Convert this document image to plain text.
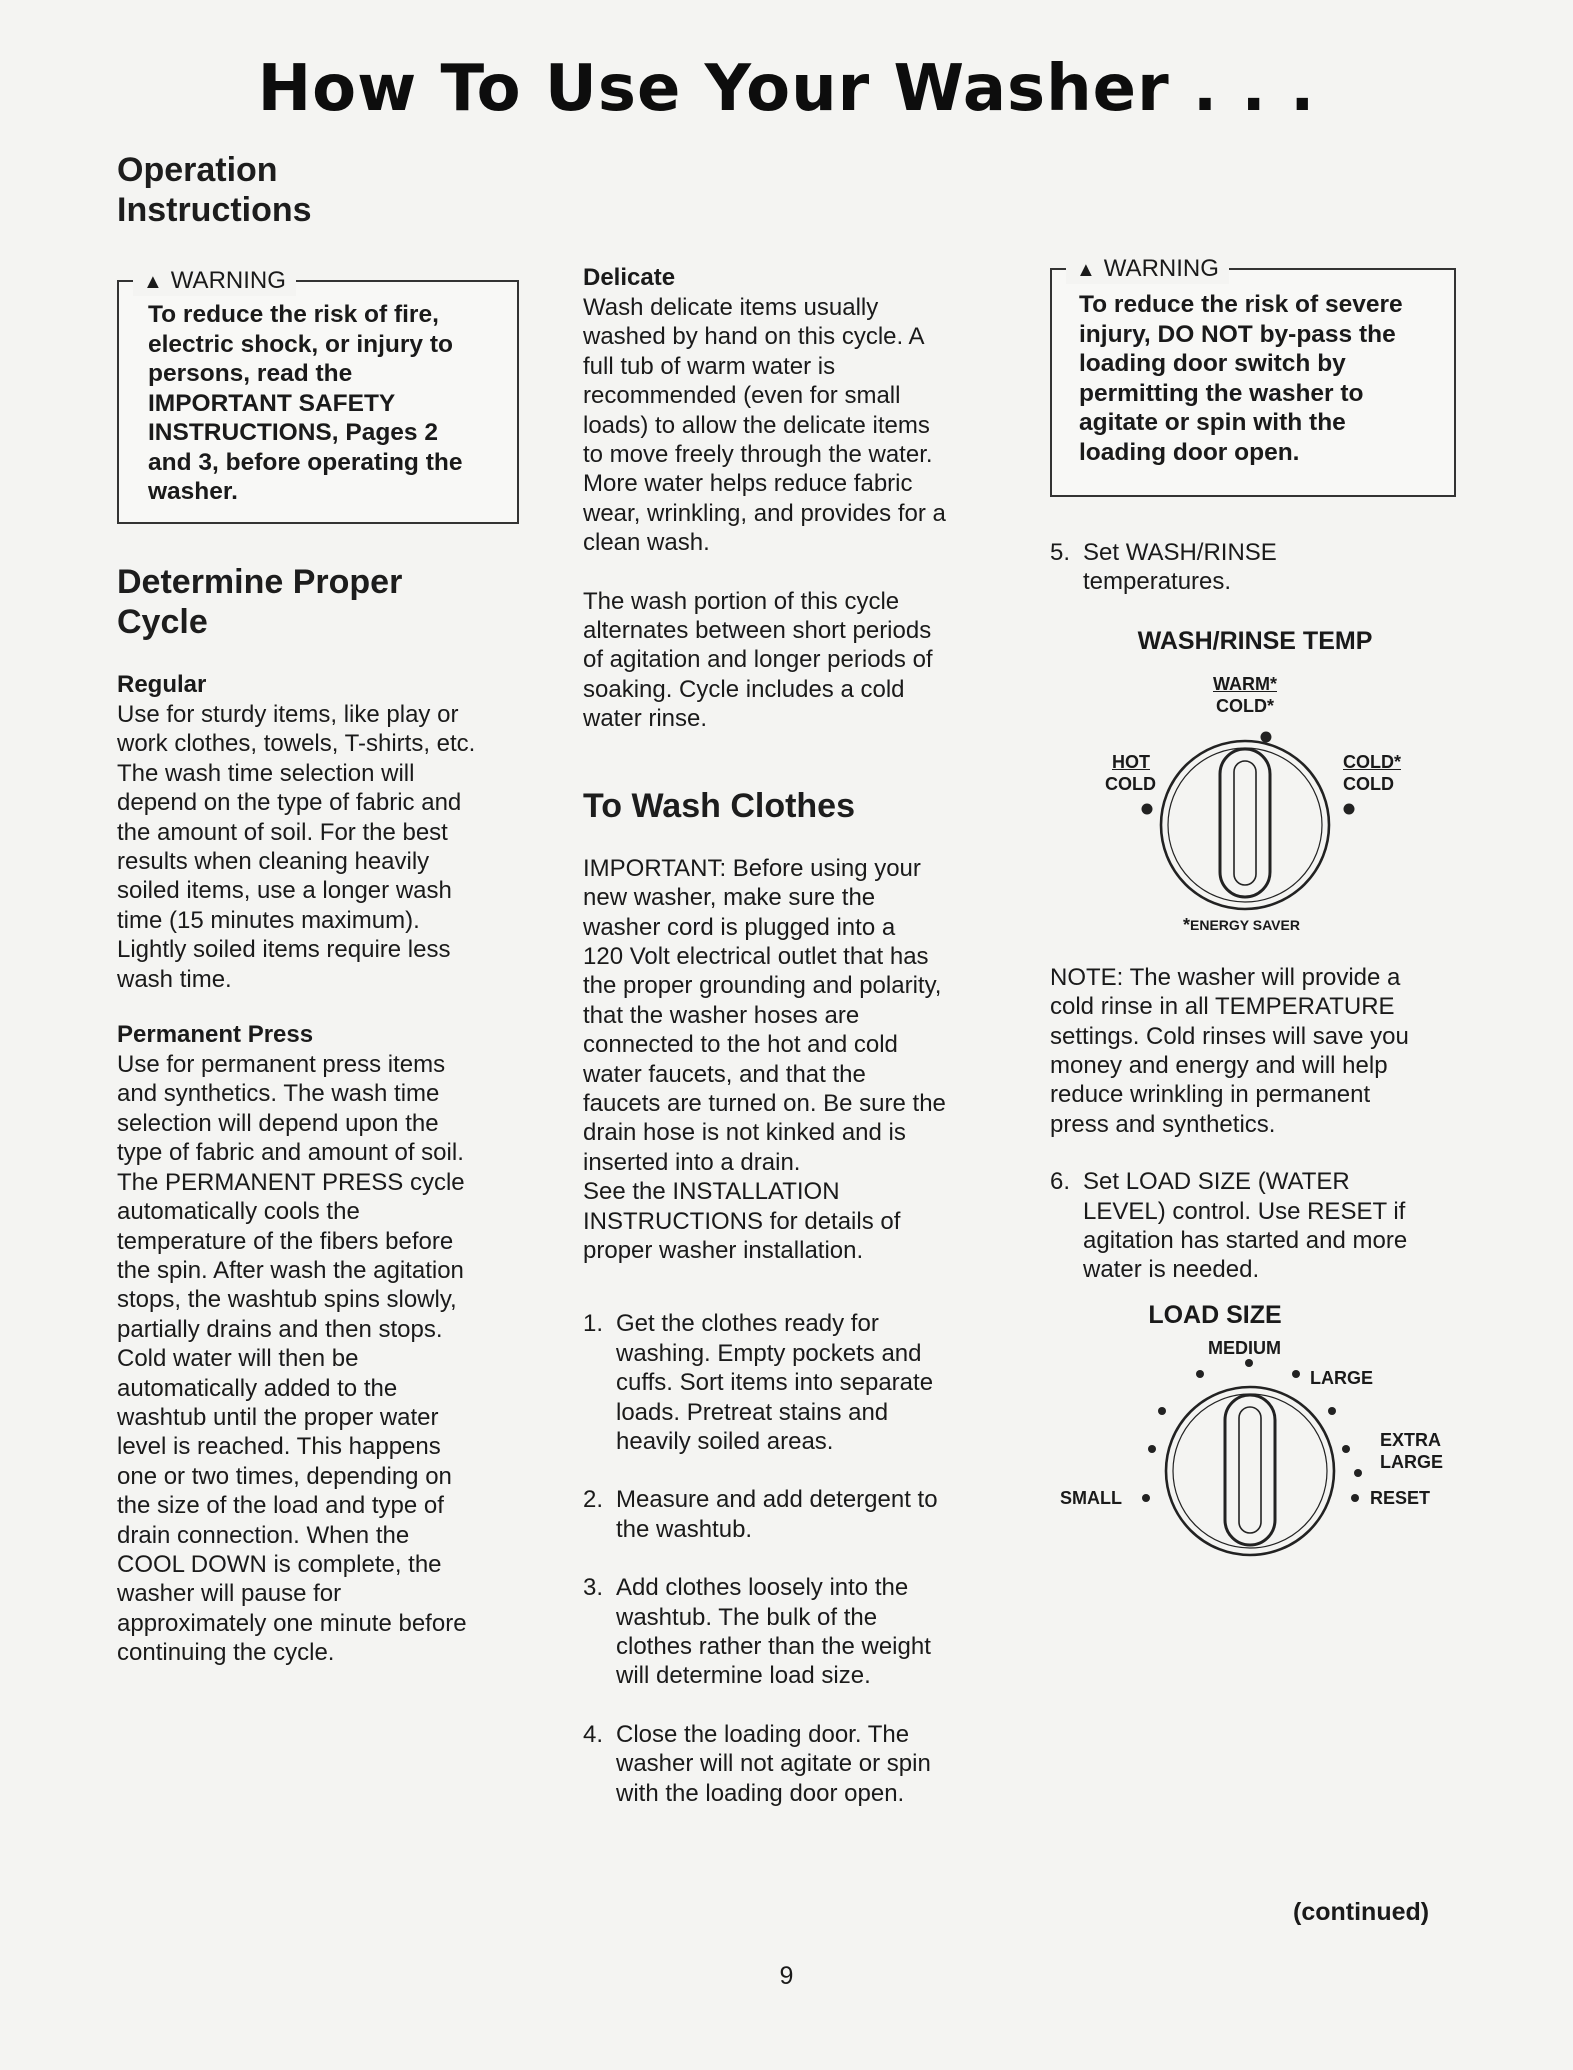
How To Use Your Washer . . .
Operation
Instructions
▲ WARNING
To reduce the risk of fire,
electric shock, or injury to
persons, read the
IMPORTANT SAFETY
INSTRUCTIONS, Pages 2
and 3, before operating the
washer.
Determine Proper
Cycle
Regular

Use for sturdy items, like play or
work clothes, towels, T-shirts, etc.
The wash time selection will
depend on the type of fabric and
the amount of soil. For the best
results when cleaning heavily
soiled items, use a longer wash
time (15 minutes maximum).
Lightly soiled items require less
wash time.

Permanent Press

Use for permanent press items
and synthetics. The wash time
selection will depend upon the
type of fabric and amount of soil.
The PERMANENT PRESS cycle
automatically cools the
temperature of the fibers before
the spin. After wash the agitation
stops, the washtub spins slowly,
partially drains and then stops.
Cold water will then be
automatically added to the
washtub until the proper water
level is reached. This happens
one or two times, depending on
the size of the load and type of
drain connection. When the
COOL DOWN is complete, the
washer will pause for
approximately one minute before
continuing the cycle.

Delicate

Wash delicate items usually
washed by hand on this cycle. A
full tub of warm water is
recommended (even for small
loads) to allow the delicate items
to move freely through the water.
More water helps reduce fabric
wear, wrinkling, and provides for a
clean wash.

The wash portion of this cycle
alternates between short periods
of agitation and longer periods of
soaking. Cycle includes a cold
water rinse.

To Wash Clothes

IMPORTANT: Before using your
new washer, make sure the
washer cord is plugged into a
120 Volt electrical outlet that has
the proper grounding and polarity,
that the washer hoses are
connected to the hot and cold
water faucets, and that the
faucets are turned on. Be sure the
drain hose is not kinked and is
inserted into a drain.
See the INSTALLATION
INSTRUCTIONS for details of
proper washer installation.

1. Get the clothes ready for
washing. Empty pockets and
cuffs. Sort items into separate
loads. Pretreat stains and
heavily soiled areas.
2. Measure and add detergent to
the washtub.
3. Add clothes loosely into the
washtub. The bulk of the
clothes rather than the weight
will determine load size.
4. Close the loading door. The
washer will not agitate or spin
with the loading door open.
▲ WARNING
To reduce the risk of severe
injury, DO NOT by-pass the
loading door switch by
permitting the washer to
agitate or spin with the
loading door open.
5. Set WASH/RINSE
temperatures.
WASH/RINSE TEMP
WARM*
COLD*
HOT
COLD
COLD*
COLD
*ENERGY SAVER

NOTE: The washer will provide a
cold rinse in all TEMPERATURE
settings. Cold rinses will save you
money and energy and will help
reduce wrinkling in permanent
press and synthetics.

6. Set LOAD SIZE (WATER
LEVEL) control. Use RESET if
agitation has started and more
water is needed.
LOAD SIZE
MEDIUM
LARGE
EXTRA
LARGE
RESET
SMALL
(continued)
9
